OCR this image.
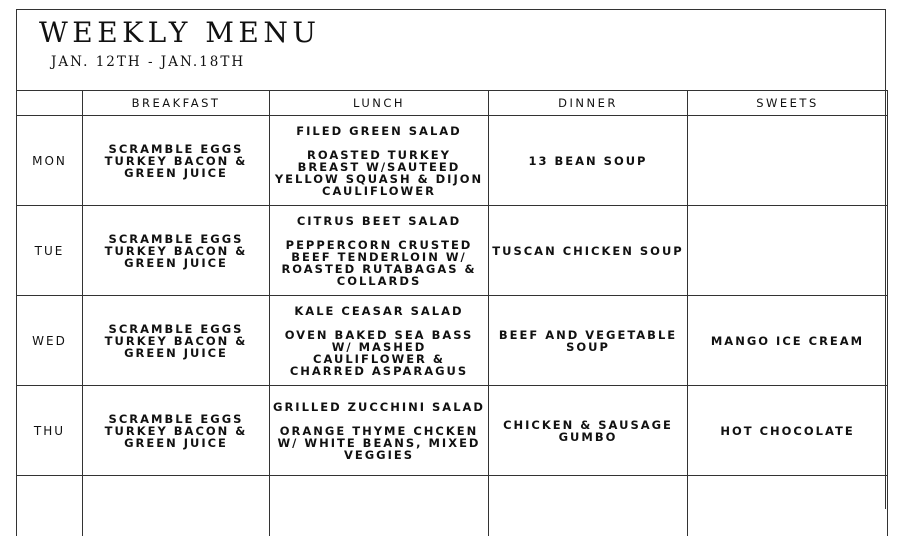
WEEKLY MENU
JAN. 12TH - JAN.18TH
	BREAKFAST	LUNCH	DINNER	SWEETS
MON	SCRAMBLE EGGS TURKEY BACON & GREEN JUICE	FILED GREEN SALAD
ROASTED TURKEY BREAST W/SAUTEED YELLOW SQUASH & DIJON CAULIFLOWER	13 BEAN SOUP	

TUE	SCRAMBLE EGGS TURKEY BACON & GREEN JUICE	CITRUS BEET SALAD
PEPPERCORN CRUSTED BEEF TENDERLOIN W/ ROASTED RUTABAGAS & COLLARDS	TUSCAN CHICKEN SOUP	

WED	SCRAMBLE EGGS TURKEY BACON & GREEN JUICE	KALE CEASAR SALAD
OVEN BAKED SEA BASS W/ MASHED CAULIFLOWER & CHARRED ASPARAGUS	BEEF AND VEGETABLE SOUP	MANGO ICE CREAM

THU	SCRAMBLE EGGS TURKEY BACON & GREEN JUICE	GRILLED ZUCCHINI SALAD
ORANGE THYME CHCKEN W/ WHITE BEANS, MIXED VEGGIES	CHICKEN & SAUSAGE GUMBO	HOT CHOCOLATE
